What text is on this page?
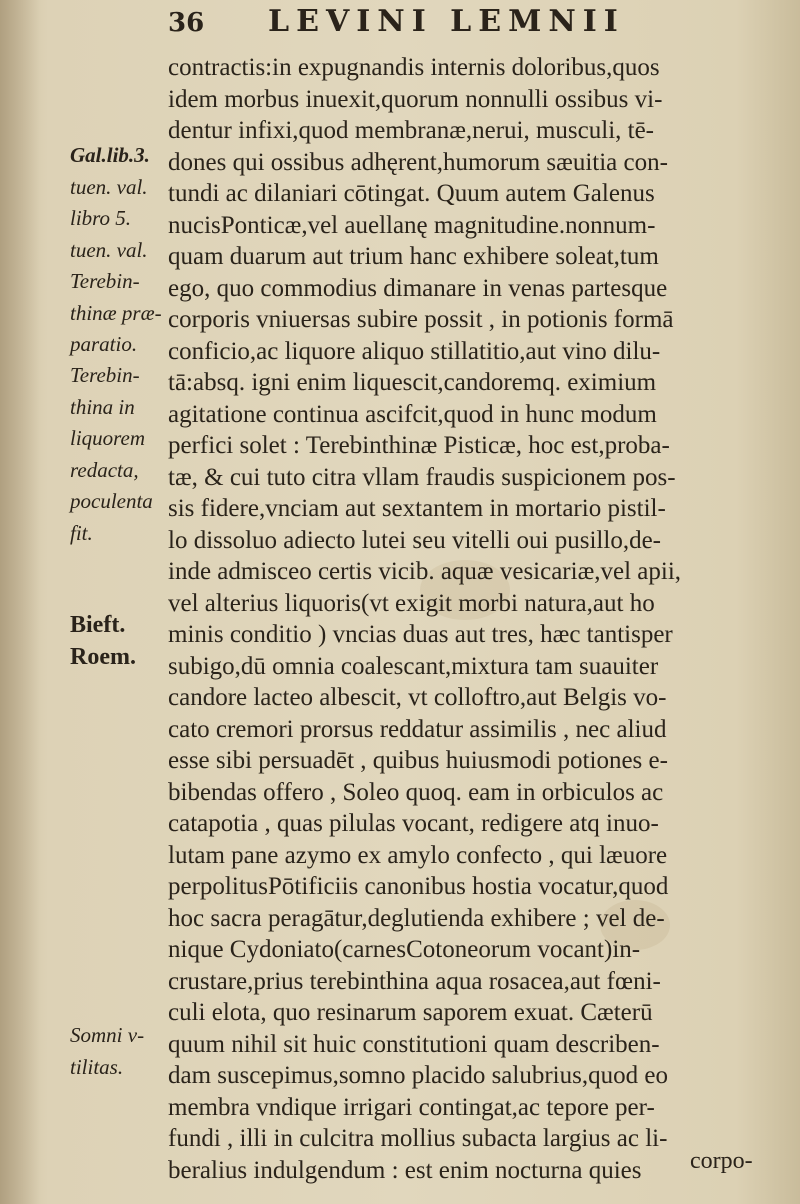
36	LEVINI LEMNII
contractis:in expugnandis internis doloribus,quos
idem morbus inuexit,quorum nonnulli ossibus vi-
dentur infixi,quod membranæ,nerui, musculi, tē-
dones qui ossibus adhęrent,humorum sæuitia con-
tundi ac dilaniari cōtingat. Quum autem Galenus
nucisPonticæ,vel auellanę magnitudine.nonnum-
quam duarum aut trium hanc exhibere soleat,tum
ego, quo commodius dimanare in venas partesque
corporis vniuersas subire possit , in potionis formā
conficio,ac liquore aliquo stillatitio,aut vino dilu-
tā:absq. igni enim liquescit,candoremq. eximium
agitatione continua ascifcit,quod in hunc modum
perfici solet : Terebinthinæ Pisticæ, hoc est,proba-
tæ, & cui tuto citra vllam fraudis suspicionem pos-
sis fidere,vnciam aut sextantem in mortario pistil-
lo dissoluo adiecto lutei seu vitelli oui pusillo,de-
inde admisceo certis vicib. aquæ vesicariæ,vel apii,
vel alterius liquoris(vt exigit morbi natura,aut ho
minis conditio ) vncias duas aut tres, hæc tantisper
subigo,dū omnia coalescant,mixtura tam suauiter
candore lacteo albescit, vt colloftro,aut Belgis vo-
cato cremori prorsus reddatur assimilis , nec aliud
esse sibi persuadēt , quibus huiusmodi potiones e-
bibendas offero , Soleo quoq. eam in orbiculos ac
catapotia , quas pilulas vocant, redigere atq inuo-
lutam pane azymo ex amylo confecto , qui læuore
perpolitusPōtificiis canonibus hostia vocatur,quod
hoc sacra peragātur,deglutienda exhibere ; vel de-
nique Cydoniato(carnesCotoneorum vocant)in-
crustare,prius terebinthina aqua rosacea,aut fœni-
culi elota, quo resinarum saporem exuat. Cæterū
quum nihil sit huic constitutioni quam describen-
dam suscepimus,somno placido salubrius,quod eo
membra vndique irrigari contingat,ac tepore per-
fundi , illi in culcitra mollius subacta largius ac li-
beralius indulgendum : est enim nocturna quies
Gal.lib.3.
tuen. val.
libro 5.
tuen. val.
Terebin-
thinæ præ-
paratio.
Terebin-
thina in
liquorem
redacta,
poculenta
fit.
Bieft.
Roem.
Somni v-
tilitas.
corpo-
